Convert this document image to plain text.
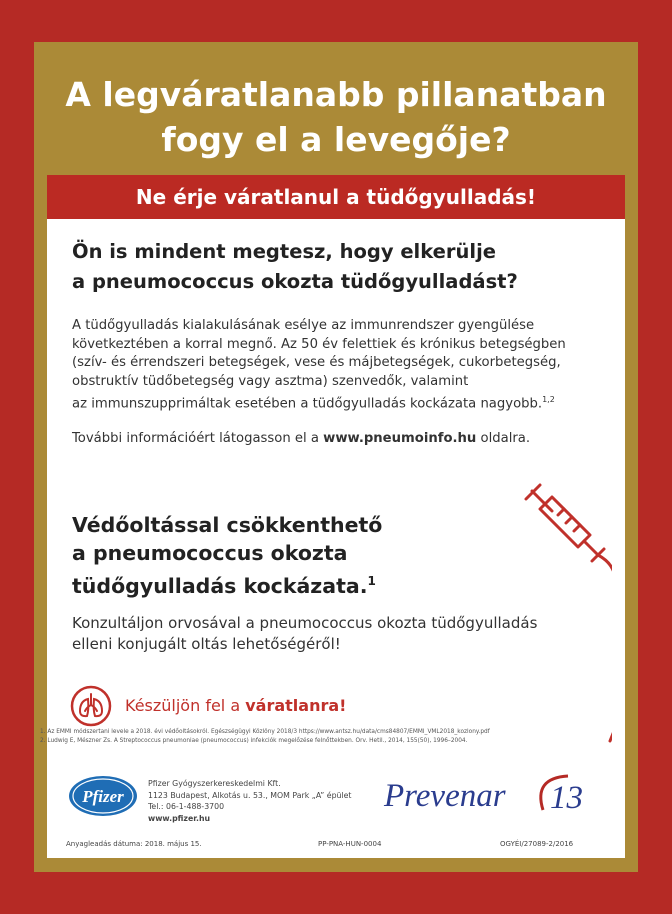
A legváratlanabb pillanatban
fogy el a levegője?
Ne érje váratlanul a tüdőgyulladás!
Ön is mindent megtesz, hogy elkerülje
a pneumococcus okozta tüdőgyulladást?
A tüdőgyulladás kialakulásának esélye az immunrendszer gyengülése
következtében a korral megnő. Az 50 év felettiek és krónikus betegségben
(szív- és érrendszeri betegségek, vese és májbetegségek, cukorbetegség,
obstruktív tüdőbetegség vagy asztma) szenvedők, valamint
az immunszupprimáltak esetében a tüdőgyulladás kockázata nagyobb.$^{1,2}$
További információért látogasson el a www.pneumoinfo.hu oldalra.
Védőoltással csökkenthető
a pneumococcus okozta
tüdőgyulladás kockázata.$^1$
Konzultáljon orvosával a pneumococcus okozta tüdőgyulladás
elleni konjugált oltás lehetőségéről!
Készüljön fel a váratlanra!
1. Az EMMI módszertani levele a 2018. évi védőoltásokról. Egészségügyi Közlöny 2018/3 https://www.antsz.hu/data/cms84807/EMMI_VML2018_kozlony.pdf
2. Ludwig E, Mészner Zs. A Streptococcus pneumoniae (pneumococcus) infekciók megelőzése felnőttekben. Orv. Hetil., 2014, 155(50), 1996–2004.
Pfizer
Pfizer Gyógyszerkereskedelmi Kft.
1123 Budapest, Alkotás u. 53., MOM Park „A” épület
Tel.: 06-1-488-3700
www.pfizer.hu
Prevenar 13
Anyagleadás dátuma: 2018. május 15.	PP-PNA-HUN-0004	OGYÉI/27089-2/2016
